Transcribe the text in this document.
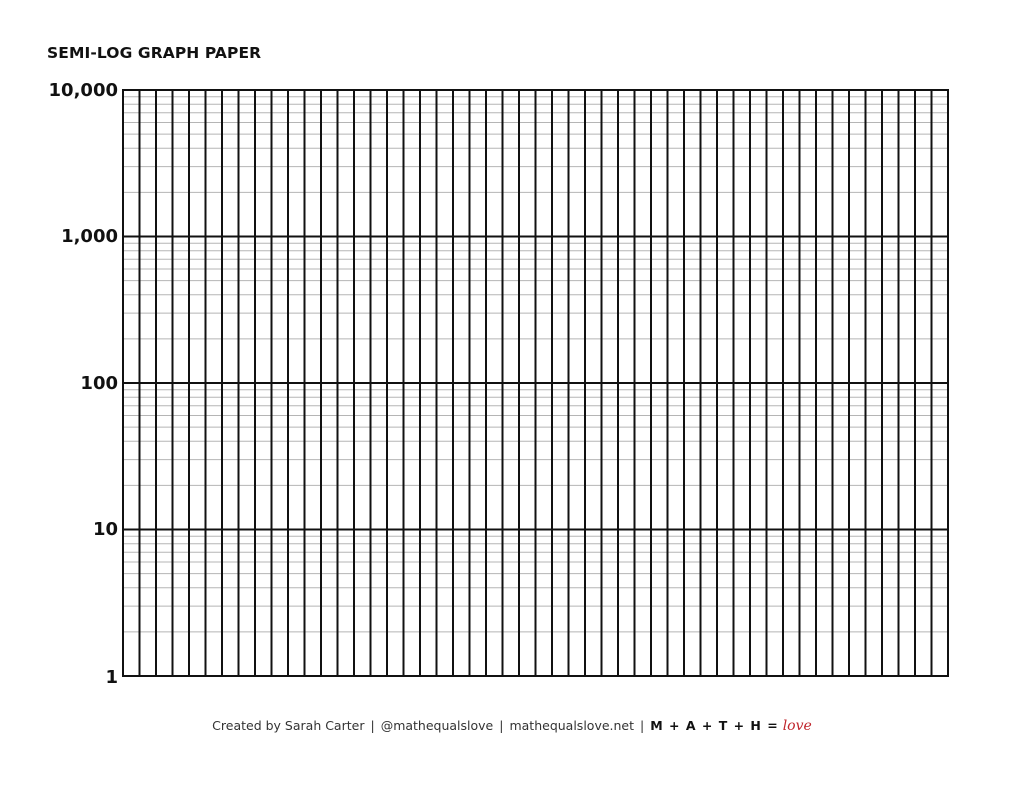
SEMI-LOG GRAPH PAPER
10,000
1,000
100
10
1
Created by Sarah Carter | @mathequalslove | mathequalslove.net | M + A + T + H = love
